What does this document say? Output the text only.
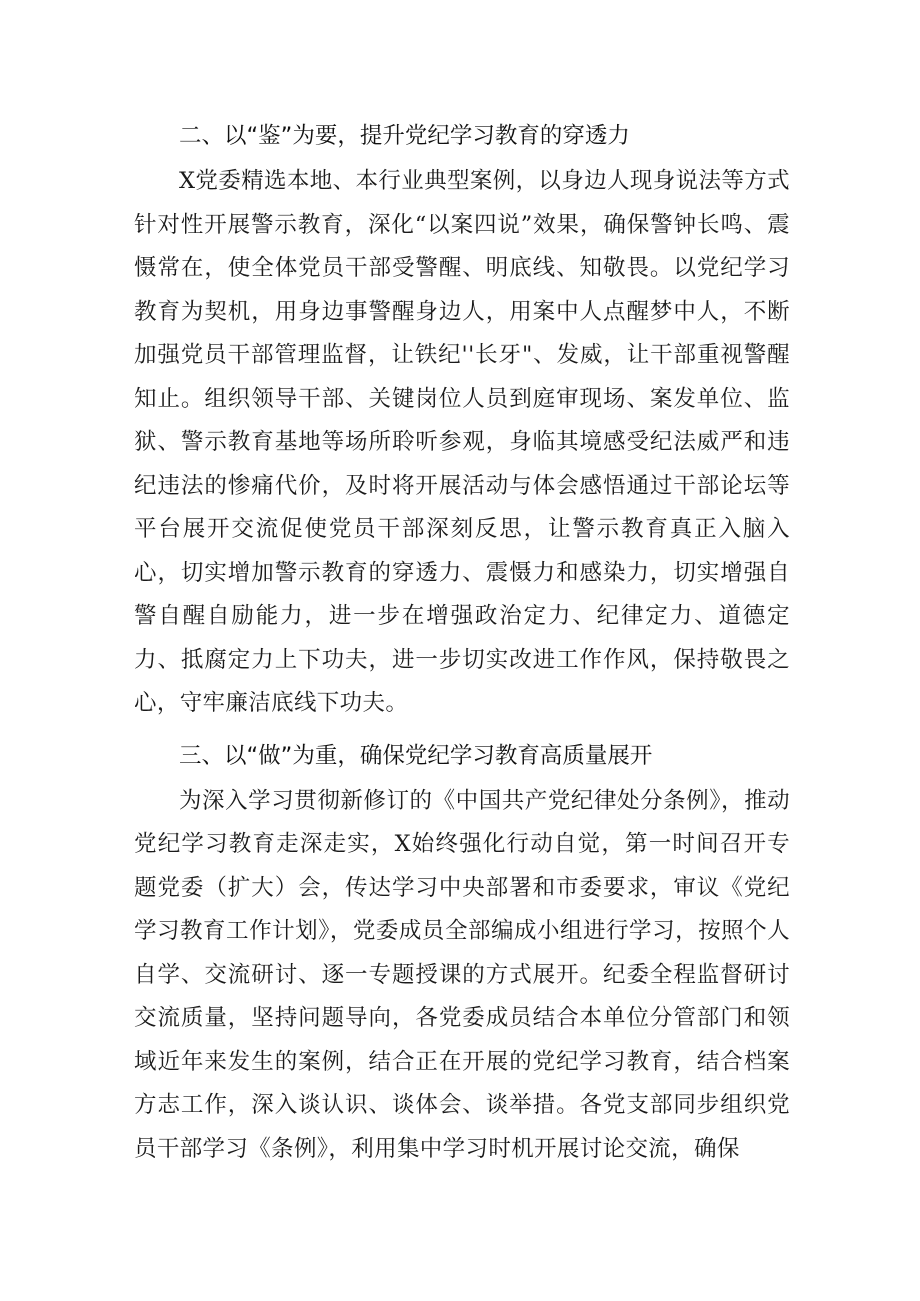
二、以“鉴”为要，提升党纪学习教育的穿透力

X党委精选本地、本行业典型案例，以身边人现身说法等方式针对性开展警示教育，深化“以案四说”效果，确保警钟长鸣、震慑常在，使全体党员干部受警醒、明底线、知敬畏。以党纪学习教育为契机，用身边事警醒身边人，用案中人点醒梦中人，不断加强党员干部管理监督，让铁纪''长牙"、发威，让干部重视警醒知止。组织领导干部、关键岗位人员到庭审现场、案发单位、监狱、警示教育基地等场所聆听参观，身临其境感受纪法威严和违纪违法的惨痛代价，及时将开展活动与体会感悟通过干部论坛等平台展开交流促使党员干部深刻反思，让警示教育真正入脑入心，切实增加警示教育的穿透力、震慑力和感染力，切实增强自警自醒自励能力，进一步在增强政治定力、纪律定力、道德定力、抵腐定力上下功夫，进一步切实改进工作作风，保持敬畏之心，守牢廉洁底线下功夫。

三、以“做”为重，确保党纪学习教育高质量展开

为深入学习贯彻新修订的《中国共产党纪律处分条例》，推动党纪学习教育走深走实，X始终强化行动自觉，第一时间召开专题党委（扩大）会，传达学习中央部署和市委要求，审议《党纪学习教育工作计划》，党委成员全部编成小组进行学习，按照个人自学、交流研讨、逐一专题授课的方式展开。纪委全程监督研讨交流质量，坚持问题导向，各党委成员结合本单位分管部门和领域近年来发生的案例，结合正在开展的党纪学习教育，结合档案方志工作，深入谈认识、谈体会、谈举措。各党支部同步组织党员干部学习《条例》，利用集中学习时机开展讨论交流，确保
